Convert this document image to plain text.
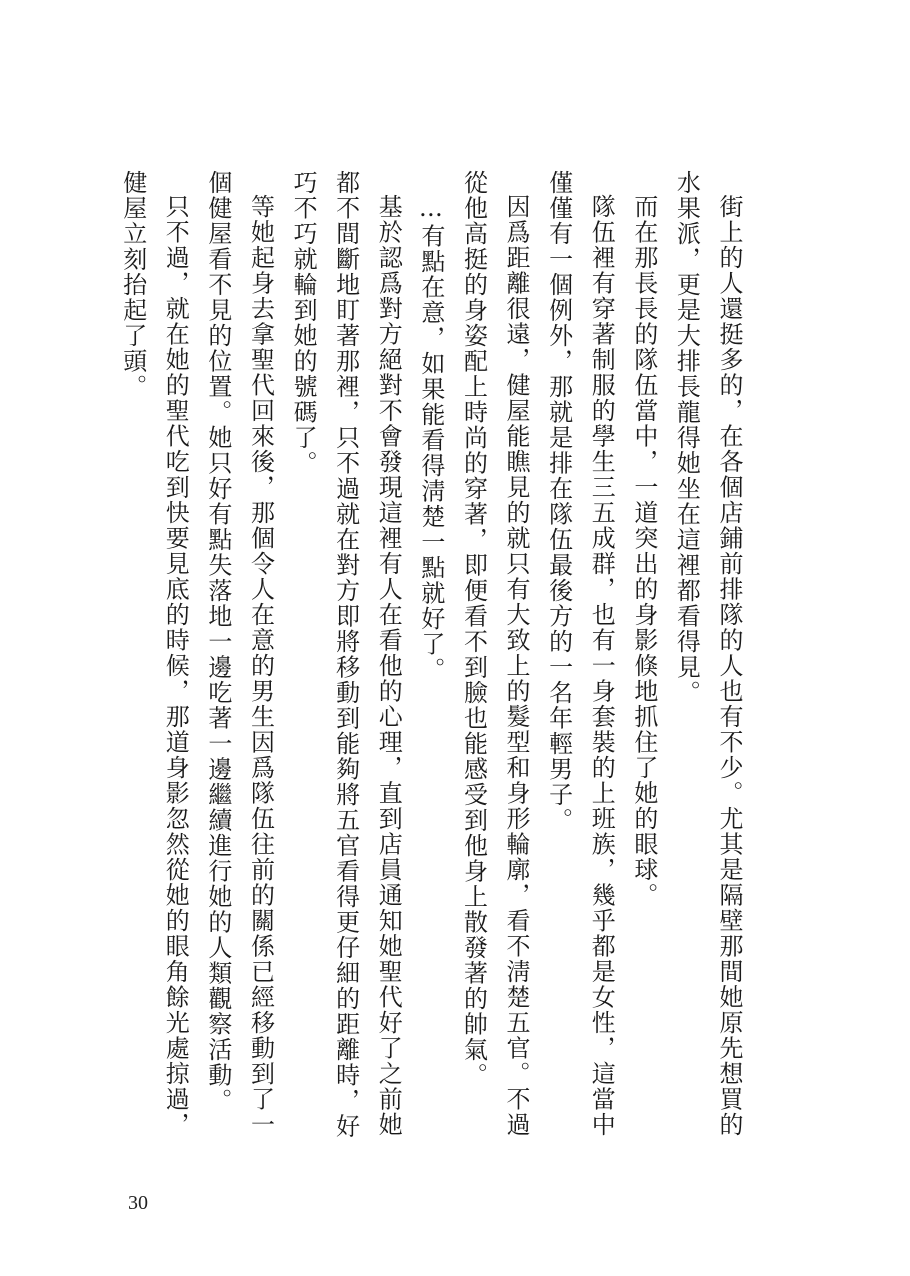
街上的人還挺多的，在各個店鋪前排隊的人也有不少。尤其是隔壁那間她原先想買的水果派，更是大排長龍得她坐在這裡都看得見。

而在那長長的隊伍當中，一道突出的身影倏地抓住了她的眼球。

隊伍裡有穿著制服的學生三五成群，也有一身套裝的上班族，幾乎都是女性，這當中僅僅有一個例外，那就是排在隊伍最後方的一名年輕男子。

因爲距離很遠，健屋能瞧見的就只有大致上的髮型和身形輪廓，看不淸楚五官。不過從他高挺的身姿配上時尚的穿著，即便看不到臉也能感受到他身上散發著的帥氣。

…有點在意，如果能看得淸楚一點就好了。

基於認爲對方絕對不會發現這裡有人在看他的心理，直到店員通知她聖代好了之前她都不間斷地盯著那裡，只不過就在對方即將移動到能夠將五官看得更仔細的距離時，好巧不巧就輪到她的號碼了。

等她起身去拿聖代回來後，那個令人在意的男生因爲隊伍往前的關係已經移動到了一個健屋看不見的位置。她只好有點失落地一邊吃著一邊繼續進行她的人類觀察活動。

只不過，就在她的聖代吃到快要見底的時候，那道身影忽然從她的眼角餘光處掠過，健屋立刻抬起了頭。

30
